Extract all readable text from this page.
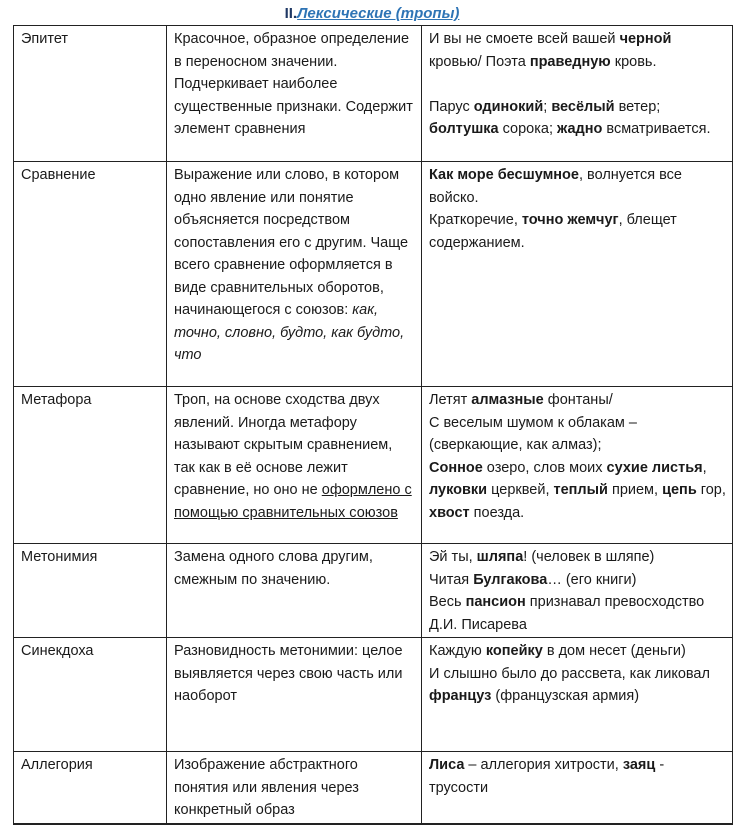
II.Лексические (тропы)
Эпитет	Красочное, образное определение в переносном значении. Подчеркивает наиболее существенные признаки. Содержит элемент сравнения	И вы не смоете всей вашей черной кровью/ Поэта праведную кровь.

Парус одинокий; весёлый ветер; болтушка сорока; жадно всматривается.

Сравнение	Выражение или слово, в котором одно явление или понятие объясняется посредством сопоставления его с другим. Чаще всего сравнение оформляется в виде сравнительных оборотов, начинающегося с союзов: как, точно, словно, будто, как будто, что	Как море бесшумное, волнуется все войско.

Краткоречие, точно жемчуг, блещет содержанием.

Метафора	Троп, на основе сходства двух явлений. Иногда метафору называют скрытым сравнением, так как в её основе лежит сравнение, но оно не оформлено с помощью сравнительных союзов	Летят алмазные фонтаны/

С веселым шумом к облакам – (сверкающие, как алмаз);

Сонное озеро, слов моих сухие листья, луковки церквей, теплый прием, цепь гор, хвост поезда.

Метонимия	Замена одного слова другим, смежным по значению.	Эй ты, шляпа! (человек в шляпе)

Читая Булгакова… (его книги)

Весь пансион признавал превосходство Д.И. Писарева

Синекдоха	Разновидность метонимии: целое выявляется через свою часть или наоборот	Каждую копейку в дом несет (деньги)

И слышно было до рассвета, как ликовал француз (французская армия)

Аллегория	Изображение абстрактного понятия или явления через конкретный образ	Лиса – аллегория хитрости, заяц - трусости
